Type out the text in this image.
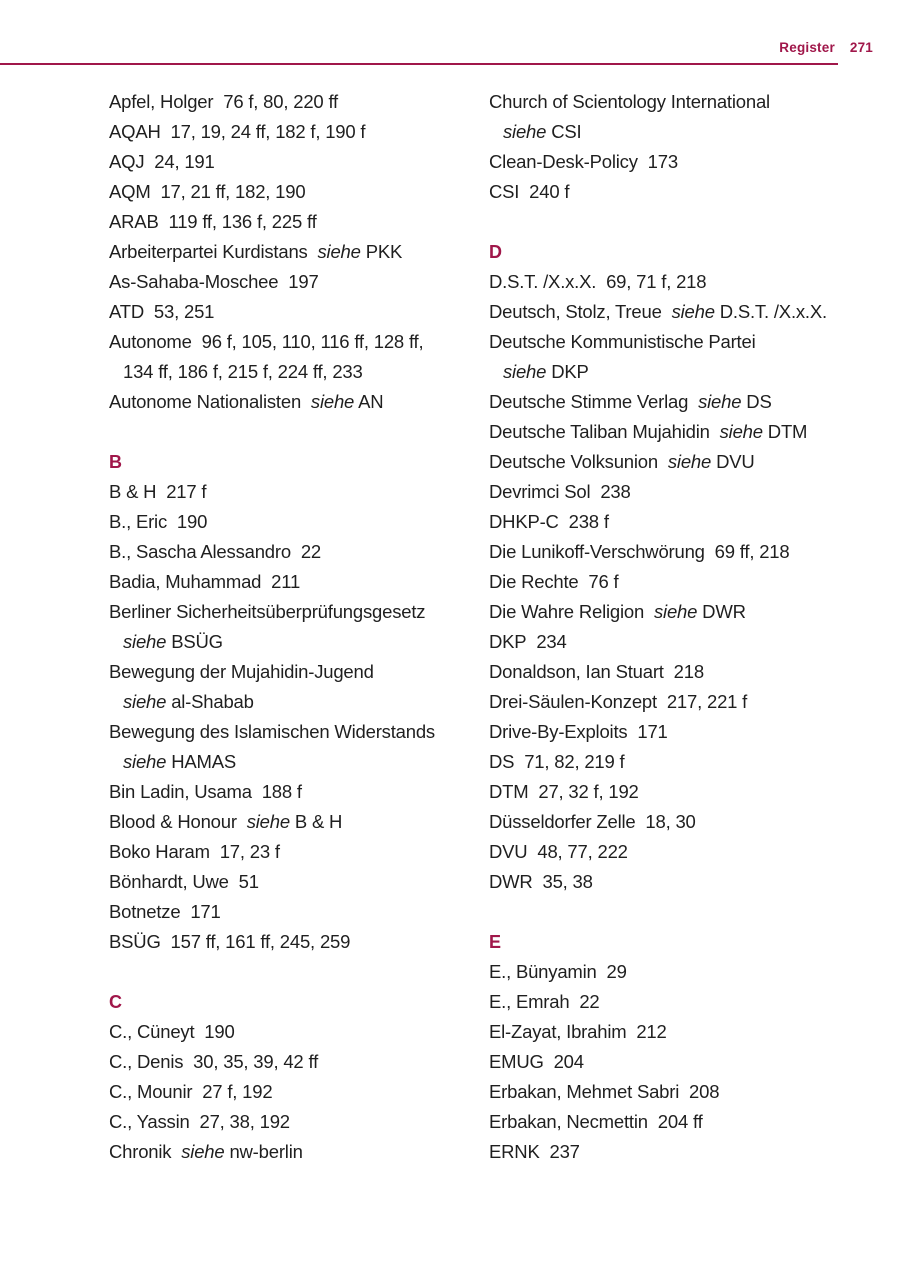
Register 271
Apfel, Holger 76 f, 80, 220 ff
AQAH 17, 19, 24 ff, 182 f, 190 f
AQJ 24, 191
AQM 17, 21 ff, 182, 190
ARAB 119 ff, 136 f, 225 ff
Arbeiterpartei Kurdistans siehe PKK
As-Sahaba-Moschee 197
ATD 53, 251
Autonome 96 f, 105, 110, 116 ff, 128 ff,
134 ff, 186 f, 215 f, 224 ff, 233
Autonome Nationalisten siehe AN
B
B & H 217 f
B., Eric 190
B., Sascha Alessandro 22
Badia, Muhammad 211
Berliner Sicherheitsüberprüfungsgesetz
siehe BSÜG
Bewegung der Mujahidin-Jugend
siehe al-Shabab
Bewegung des Islamischen Widerstands
siehe HAMAS
Bin Ladin, Usama 188 f
Blood & Honour siehe B & H
Boko Haram 17, 23 f
Bönhardt, Uwe 51
Botnetze 171
BSÜG 157 ff, 161 ff, 245, 259
C
C., Cüneyt 190
C., Denis 30, 35, 39, 42 ff
C., Mounir 27 f, 192
C., Yassin 27, 38, 192
Chronik siehe nw-berlin
Church of Scientology International
siehe CSI
Clean-Desk-Policy 173
CSI 240 f
D
D.S.T. /X.x.X. 69, 71 f, 218
Deutsch, Stolz, Treue siehe D.S.T. /X.x.X.
Deutsche Kommunistische Partei
siehe DKP
Deutsche Stimme Verlag siehe DS
Deutsche Taliban Mujahidin siehe DTM
Deutsche Volksunion siehe DVU
Devrimci Sol 238
DHKP-C 238 f
Die Lunikoff-Verschwörung 69 ff, 218
Die Rechte 76 f
Die Wahre Religion siehe DWR
DKP 234
Donaldson, Ian Stuart 218
Drei-Säulen-Konzept 217, 221 f
Drive-By-Exploits 171
DS 71, 82, 219 f
DTM 27, 32 f, 192
Düsseldorfer Zelle 18, 30
DVU 48, 77, 222
DWR 35, 38
E
E., Bünyamin 29
E., Emrah 22
El-Zayat, Ibrahim 212
EMUG 204
Erbakan, Mehmet Sabri 208
Erbakan, Necmettin 204 ff
ERNK 237
